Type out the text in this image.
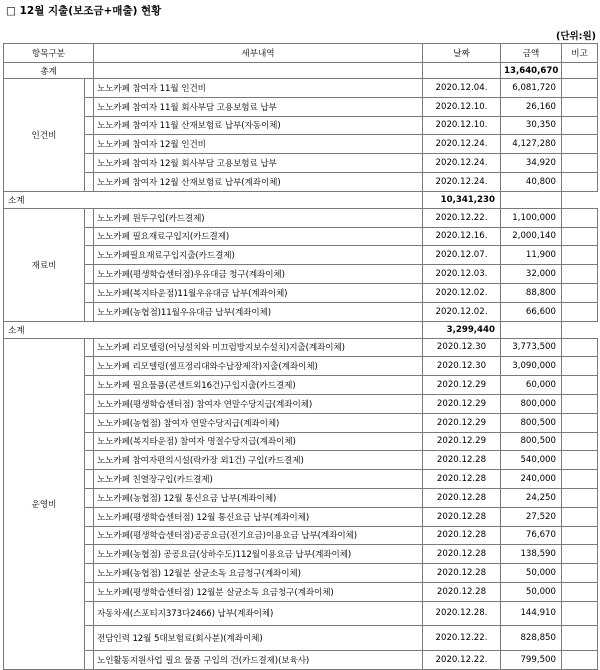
□ 12월 지출(보조금+매출) 현황
(단위:원)
항목구분		세부내역	날짜	금액	비고
총계				13,640,670	
인건비		노노카페 참여자 11월 인건비	2020.12.04.	6,081,720	
		노노카페 참여자 11월 회사부담 고용보험료 납부	2020.12.10.	26,160	
		노노카페 참여자 11월 산재보험료 납부(자동이체)	2020.12.10.	30,350	
		노노카페 참여자 12월 인건비	2020.12.24.	4,127,280	
		노노카페 참여자 12월 회사부담 고용보험료 납부	2020.12.24.	34,920	
		노노카페 참여자 12월 산재보험료 납부(계좌이체)	2020.12.24.	40,800	
소계			10,341,230		
재료비		노노카페 원두구입(카드결제)	2020.12.22.	1,100,000	
		노노카페 필요재료구입지(카드결제)	2020.12.16.	2,000,140	
		노노카페필요재료구입지출(카드결제)	2020.12.07.	11,900	
		노노카페(평생학습센터점)우유대금 청구(계좌이체)	2020.12.03.	32,000	
		노노카페(복지타운점)11월우유대금 납부(계좌이체)	2020.12.02.	88,800	
		노노카페(농협점)11월우유대금 납부(계좌이체)	2020.12.02.	66,600	
소계			3,299,440		
운영비		노노카페 리모델링(어닝설치와 미끄럼방지보수설치)지출(계좌이체)	2020.12.30	3,773,500	
		노노카페 리모델링(셀프정리대와수납장제작)지출(계좌이체)	2020.12.30	3,090,000	
		노노카페 필요물품(콘센트외16건)구입지출(카드결제)	2020.12.29	60,000	
		노노카페(평생학습센터점) 참여자 연말수당지급(계좌이체)	2020.12.29	800,000	
		노노카페(농협점) 참여자 연말수당지급(계좌이체)	2020.12.29	800,500	
		노노카페(복지타운점) 참여자 명절수당지급(계좌이체)	2020.12.29	800,500	
		노노카페 참여자편의시설(락카장 외1건) 구입(카드결제)	2020.12.28	540,000	
		노노카페 친열장구입(카드결제)	2020.12.28	240,000	
		노노카페(농협점) 12월 통신요금 납부(계좌이체)	2020.12.28	24,250	
		노노카페(평생학습센터점) 12월 통신요금 납부(계좌이체)	2020.12.28	27,520	
		노노카페(평생학습센터점)공공요금(전기요금)이용요금 납부(계좌이체)	2020.12.28	76,670	
		노노카페(농협점) 공공요금(상하수도)112월이용요금 납부(계좌이체)	2020.12.28	138,590	
		노노카페(농협점) 12월분 살균소독 요금청구(계좌이체)	2020.12.28	50,000	
		노노카페(평생학습센터점) 12월분 살균소독 요금청구(계좌이체)	2020.12.28	50,000	
		자동차세(스포티지373다2466) 납부(계좌이체)	2020.12.28.	144,910	
		전담인력 12월 5대보험료(회사분)(계좌이체)	2020.12.22.	828,850	
		노인활동지원사업 필요 물품 구입의 건(카드결제)(보육사)	2020.12.22.	799,500	
